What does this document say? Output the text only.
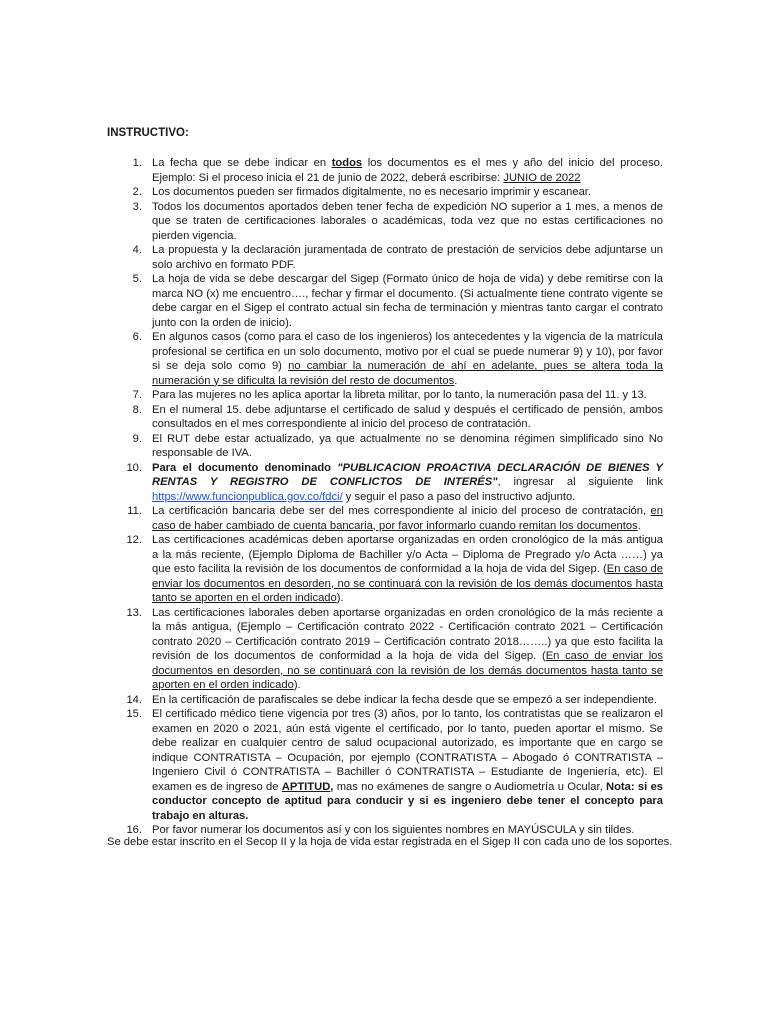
INSTRUCTIVO:
1. La fecha que se debe indicar en todos los documentos es el mes y año del inicio del proceso. Ejemplo: Si el proceso inicia el 21 de junio de 2022, deberá escribirse: JUNIO de 2022
2. Los documentos pueden ser firmados digitalmente, no es necesario imprimir y escanear.
3. Todos los documentos aportados deben tener fecha de expedición NO superior a 1 mes, a menos de que se traten de certificaciones laborales o académicas, toda vez que no estas certificaciones no pierden vigencia.
4. La propuesta y la declaración juramentada de contrato de prestación de servicios debe adjuntarse un solo archivo en formato PDF.
5. La hoja de vida se debe descargar del Sigep (Formato único de hoja de vida) y debe remitirse con la marca NO (x) me encuentro…., fechar y firmar el documento. (Si actualmente tiene contrato vigente se debe cargar en el Sigep el contrato actual sin fecha de terminación y mientras tanto cargar el contrato junto con la orden de inicio).
6. En algunos casos (como para el caso de los ingenieros) los antecedentes y la vigencia de la matrícula profesional se certifica en un solo documento, motivo por el cual se puede numerar 9) y 10), por favor si se deja solo como 9) no cambiar la numeración de ahí en adelante, pues se altera toda la numeración y se dificulta la revisión del resto de documentos.
7. Para las mujeres no les aplica aportar la libreta militar, por lo tanto, la numeración pasa del 11. y 13.
8. En el numeral 15. debe adjuntarse el certificado de salud y después el certificado de pensión, ambos consultados en el mes correspondiente al inicio del proceso de contratación.
9. El RUT debe estar actualizado, ya que actualmente no se denomina régimen simplificado sino No responsable de IVA.
10. Para el documento denominado "PUBLICACION PROACTIVA DECLARACIÓN DE BIENES Y RENTAS Y REGISTRO DE CONFLICTOS DE INTERÉS", ingresar al siguiente link https://www.funcionpublica.gov.co/fdci/ y seguir el paso a paso del instructivo adjunto.
11. La certificación bancaria debe ser del mes correspondiente al inicio del proceso de contratación, en caso de haber cambiado de cuenta bancaria, por favor informarlo cuando remitan los documentos.
12. Las certificaciones académicas deben aportarse organizadas en orden cronológico de la más antigua a la más reciente, (Ejemplo Diploma de Bachiller y/o Acta – Diploma de Pregrado y/o Acta ……) ya que esto facilita la revisión de los documentos de conformidad a la hoja de vida del Sigep. (En caso de enviar los documentos en desorden, no se continuará con la revisión de los demás documentos hasta tanto se aporten en el orden indicado).
13. Las certificaciones laborales deben aportarse organizadas en orden cronológico de la más reciente a la más antigua, (Ejemplo – Certificación contrato 2022 - Certificación contrato 2021 – Certificación contrato 2020 – Certificación contrato 2019 – Certificación contrato 2018……..) ya que esto facilita la revisión de los documentos de conformidad a la hoja de vida del Sigep. (En caso de enviar los documentos en desorden, no se continuará con la revisión de los demás documentos hasta tanto se aporten en el orden indicado).
14. En la certificación de parafiscales se debe indicar la fecha desde que se empezó a ser independiente.
15. El certificado médico tiene vigencia por tres (3) años, por lo tanto, los contratistas que se realizaron el examen en 2020 o 2021, aún está vigente el certificado, por lo tanto, pueden aportar el mismo. Se debe realizar en cualquier centro de salud ocupacional autorizado, es importante que en cargo se indique CONTRATISTA – Ocupación, por ejemplo (CONTRATISTA – Abogado ó CONTRATISTA – Ingeniero Civil ó CONTRATISTA – Bachiller ó CONTRATISTA – Estudiante de Ingeniería, etc). El examen es de ingreso de APTITUD, mas no exámenes de sangre o Audiometría u Ocular, Nota: si es conductor concepto de aptitud para conducir y si es ingeniero debe tener el concepto para trabajo en alturas.
16. Por favor numerar los documentos así y con los siguientes nombres en MAYÚSCULA y sin tildes.
Se debe estar inscrito en el Secop II y la hoja de vida estar registrada en el Sigep II con cada uno de los soportes.
